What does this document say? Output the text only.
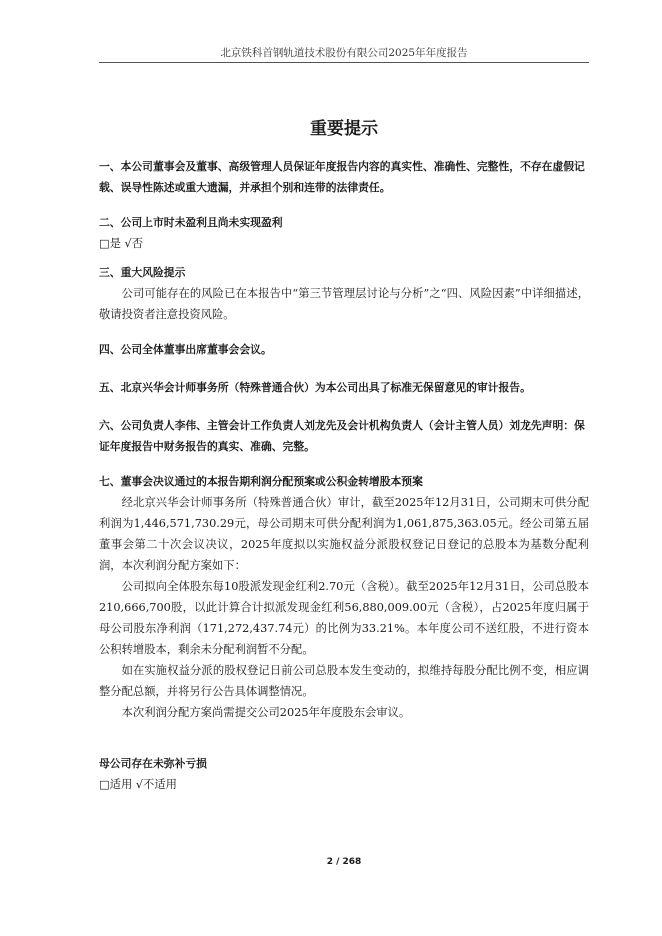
北京铁科首钢轨道技术股份有限公司2025年年度报告
重要提示

一、本公司董事会及董事、高级管理人员保证年度报告内容的真实性、准确性、完整性，不存在虚假记载、误导性陈述或重大遗漏，并承担个别和连带的法律责任。

二、公司上市时未盈利且尚未实现盈利

□是 √否

三、重大风险提示

公司可能存在的风险已在本报告中“第三节管理层讨论与分析”之“四、风险因素”中详细描述，敬请投资者注意投资风险。

四、公司全体董事出席董事会会议。

五、北京兴华会计师事务所（特殊普通合伙）为本公司出具了标准无保留意见的审计报告。

六、公司负责人李伟、主管会计工作负责人刘龙先及会计机构负责人（会计主管人员）刘龙先声明：保证年度报告中财务报告的真实、准确、完整。

七、董事会决议通过的本报告期利润分配预案或公积金转增股本预案

经北京兴华会计师事务所（特殊普通合伙）审计，截至2025年12月31日，公司期末可供分配利润为1,446,571,730.29元，母公司期末可供分配利润为1,061,875,363.05元。经公司第五届董事会第二十次会议决议，2025年度拟以实施权益分派股权登记日登记的总股本为基数分配利润，本次利润分配方案如下：

公司拟向全体股东每10股派发现金红利2.70元（含税）。截至2025年12月31日，公司总股本210,666,700股，以此计算合计拟派发现金红利56,880,009.00元（含税），占2025年度归属于母公司股东净利润（171,272,437.74元）的比例为33.21%。本年度公司不送红股，不进行资本公积转增股本，剩余未分配利润暂不分配。

如在实施权益分派的股权登记日前公司总股本发生变动的，拟维持每股分配比例不变，相应调整分配总额，并将另行公告具体调整情况。

本次利润分配方案尚需提交公司2025年年度股东会审议。

母公司存在未弥补亏损

□适用 √不适用

2 / 268
